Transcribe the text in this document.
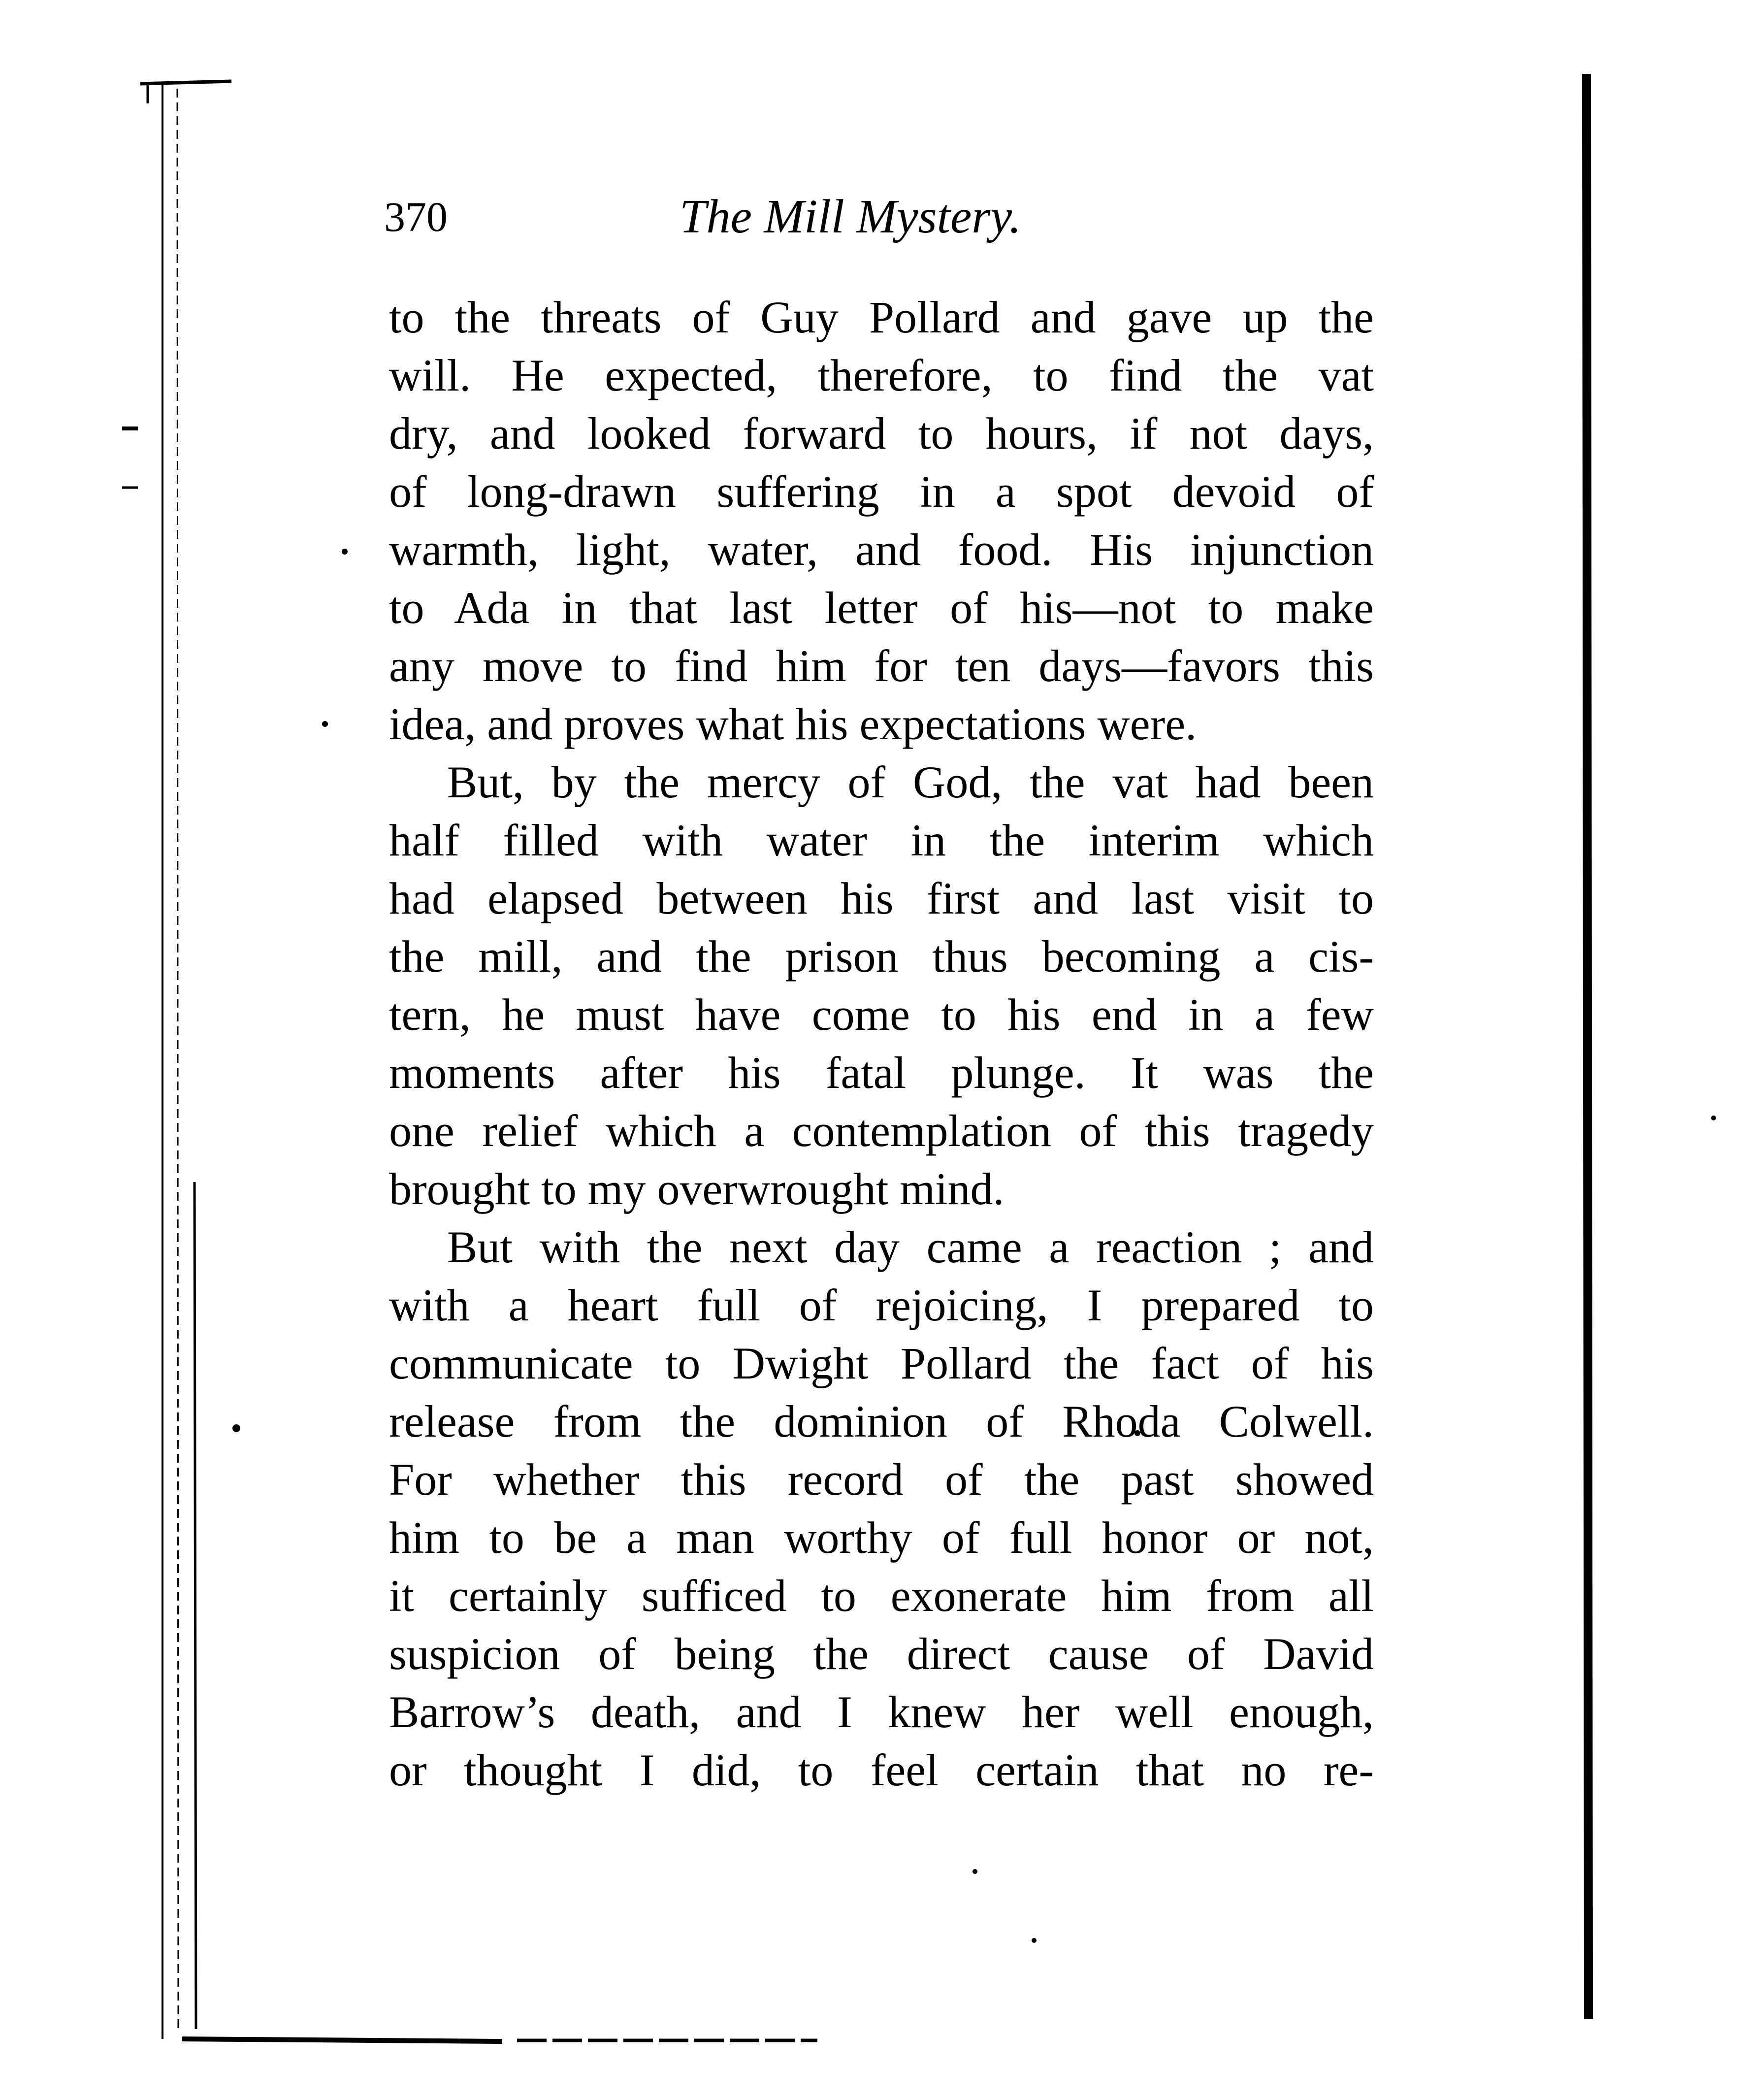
370	The Mill Mystery.
to the threats of Guy Pollard and gave up the
will. He expected, therefore, to find the vat
dry, and looked forward to hours, if not days,
of long-drawn suffering in a spot devoid of
warmth, light, water, and food. His injunction
to Ada in that last letter of his—not to make
any move to find him for ten days—favors this
idea, and proves what his expectations were.
But, by the mercy of God, the vat had been
half filled with water in the interim which
had elapsed between his first and last visit to
the mill, and the prison thus becoming a cis-
tern, he must have come to his end in a few
moments after his fatal plunge. It was the
one relief which a contemplation of this tragedy
brought to my overwrought mind.
But with the next day came a reaction ; and
with a heart full of rejoicing, I prepared to
communicate to Dwight Pollard the fact of his
release from the dominion of Rhoda Colwell.
For whether this record of the past showed
him to be a man worthy of full honor or not,
it certainly sufficed to exonerate him from all
suspicion of being the direct cause of David
Barrow’s death, and I knew her well enough,
or thought I did, to feel certain that no re-
